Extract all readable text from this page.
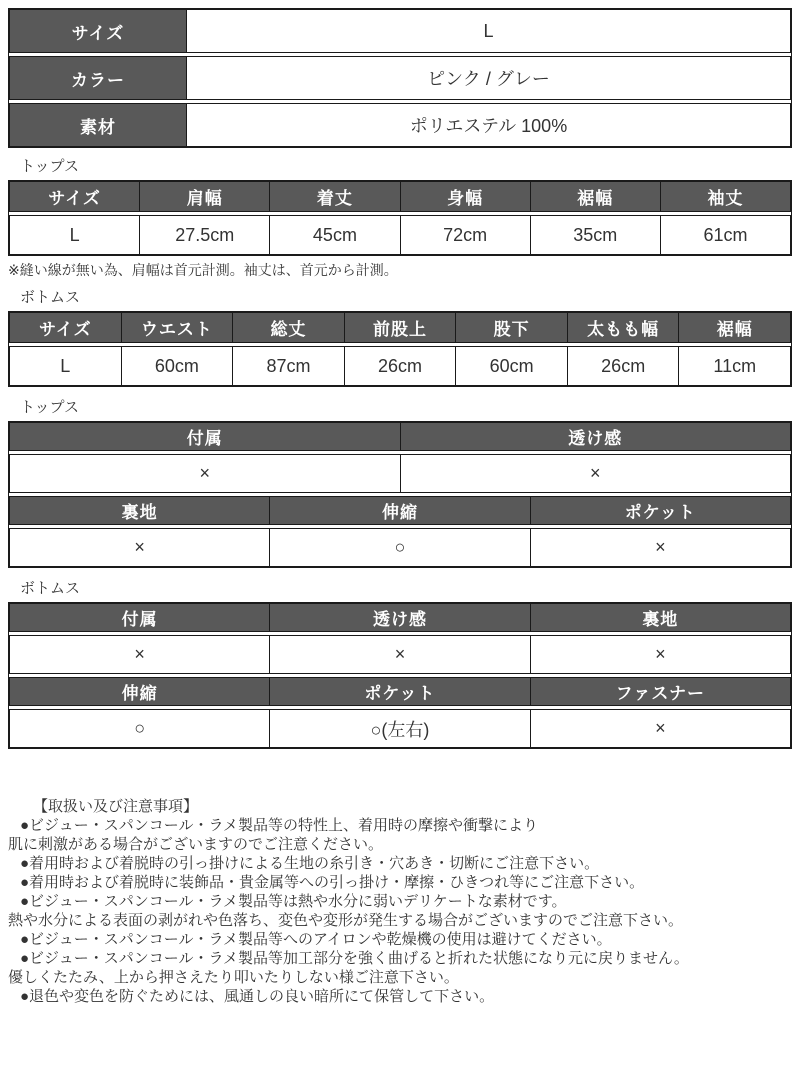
サイズ	L
カラー	ピンク / グレー
素材	ポリエステル 100%
トップス
サイズ	肩幅	着丈	身幅	裾幅	袖丈
L	27.5cm	45cm	72cm	35cm	61cm
※縫い線が無い為、肩幅は首元計測。袖丈は、首元から計測。
ボトムス
サイズ	ウエスト	総丈	前股上	股下	太もも幅	裾幅
L	60cm	87cm	26cm	60cm	26cm	11cm
トップス
付属	透け感
×	×
裏地	伸縮	ポケット
×	○	×
ボトムス
付属	透け感	裏地
×	×	×
伸縮	ポケット	ファスナー
○	○(左右)	×
【取扱い及び注意事項】
●ビジュー・スパンコール・ラメ製品等の特性上、着用時の摩擦や衝撃により
肌に刺激がある場合がございますのでご注意ください。
●着用時および着脱時の引っ掛けによる生地の糸引き・穴あき・切断にご注意下さい。
●着用時および着脱時に装飾品・貴金属等への引っ掛け・摩擦・ひきつれ等にご注意下さい。
●ビジュー・スパンコール・ラメ製品等は熱や水分に弱いデリケートな素材です。
熱や水分による表面の剥がれや色落ち、変色や変形が発生する場合がございますのでご注意下さい。
●ビジュー・スパンコール・ラメ製品等へのアイロンや乾燥機の使用は避けてください。
●ビジュー・スパンコール・ラメ製品等加工部分を強く曲げると折れた状態になり元に戻りません。
優しくたたみ、上から押さえたり叩いたりしない様ご注意下さい。
●退色や変色を防ぐためには、風通しの良い暗所にて保管して下さい。
